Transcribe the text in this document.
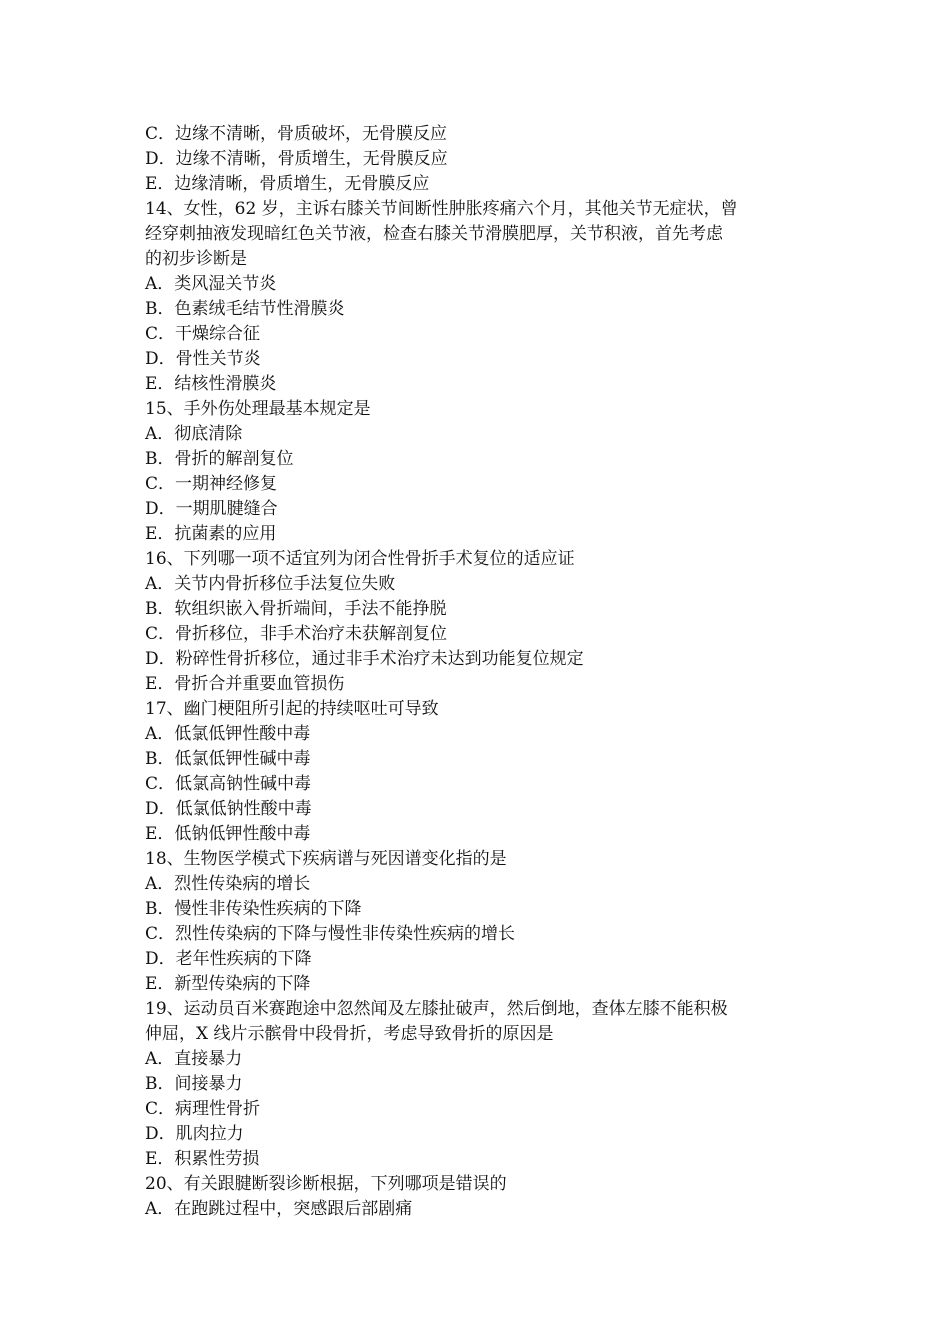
C．边缘不清晰，骨质破坏，无骨膜反应
D．边缘不清晰，骨质增生，无骨膜反应
E．边缘清晰，骨质增生，无骨膜反应
14、女性，62 岁，主诉右膝关节间断性肿胀疼痛六个月，其他关节无症状，曾
经穿刺抽液发现暗红色关节液，检查右膝关节滑膜肥厚，关节积液，首先考虑
的初步诊断是
A．类风湿关节炎
B．色素绒毛结节性滑膜炎
C．干燥综合征
D．骨性关节炎
E．结核性滑膜炎
15、手外伤处理最基本规定是
A．彻底清除
B．骨折的解剖复位
C．一期神经修复
D．一期肌腱缝合
E．抗菌素的应用
16、下列哪一项不适宜列为闭合性骨折手术复位的适应证
A．关节内骨折移位手法复位失败
B．软组织嵌入骨折端间，手法不能挣脱
C．骨折移位，非手术治疗未获解剖复位
D．粉碎性骨折移位，通过非手术治疗未达到功能复位规定
E．骨折合并重要血管损伤
17、幽门梗阻所引起的持续呕吐可导致
A．低氯低钾性酸中毒
B．低氯低钾性碱中毒
C．低氯高钠性碱中毒
D．低氯低钠性酸中毒
E．低钠低钾性酸中毒
18、生物医学模式下疾病谱与死因谱变化指的是
A．烈性传染病的增长
B．慢性非传染性疾病的下降
C．烈性传染病的下降与慢性非传染性疾病的增长
D．老年性疾病的下降
E．新型传染病的下降
19、运动员百米赛跑途中忽然闻及左膝扯破声，然后倒地，查体左膝不能积极
伸屈，X 线片示髌骨中段骨折，考虑导致骨折的原因是
A．直接暴力
B．间接暴力
C．病理性骨折
D．肌肉拉力
E．积累性劳损
20、有关跟腱断裂诊断根据，下列哪项是错误的
A．在跑跳过程中，突感跟后部剧痛
